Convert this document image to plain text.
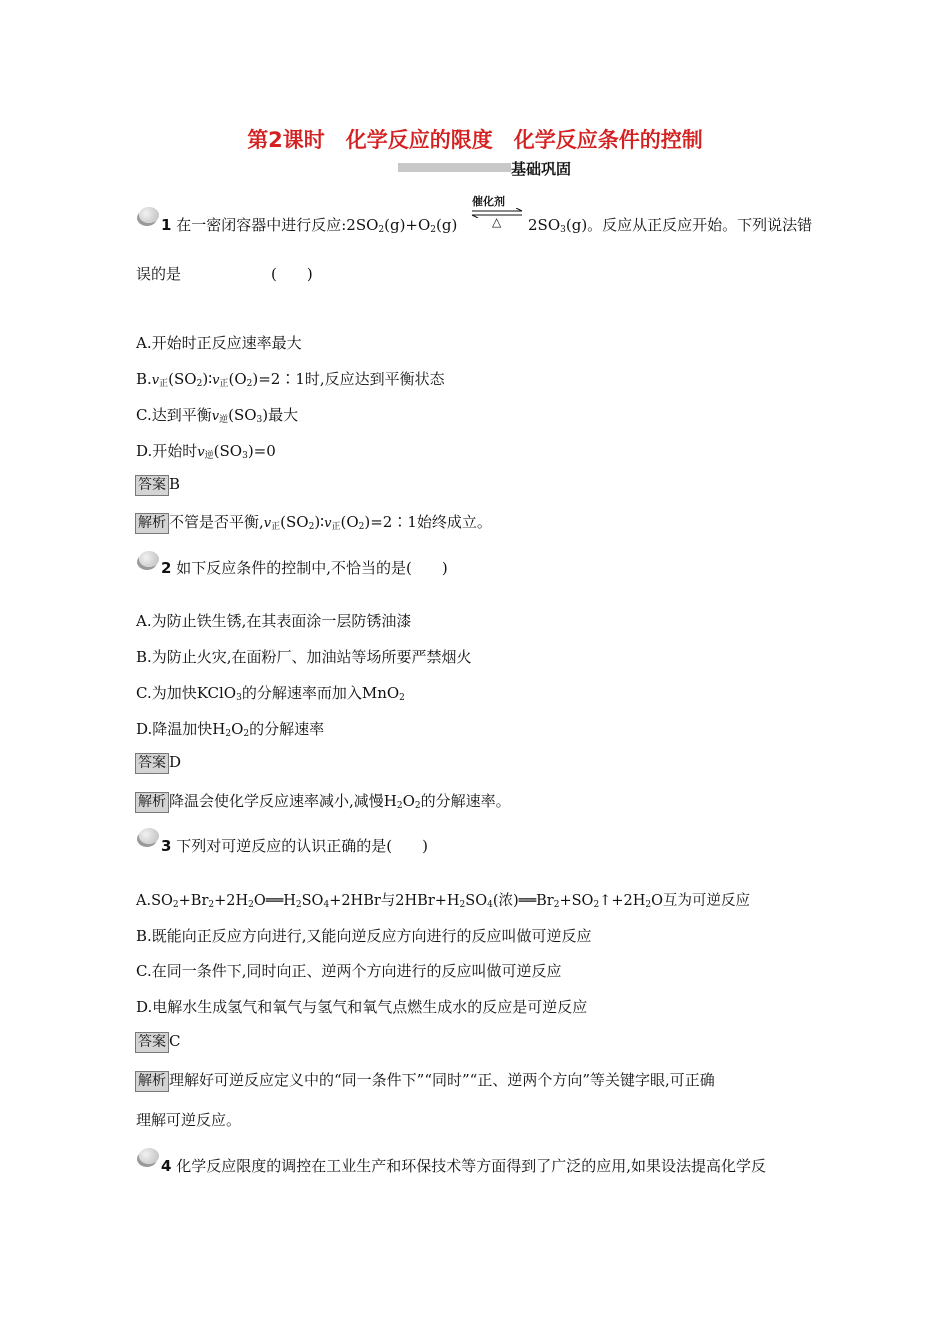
第2课时　化学反应的限度　化学反应条件的控制
基础巩固
1 在一密闭容器中进行反应$:2SO_2(g)+O_2(g)$
催化剂
△ $2SO_3(g)$。反应从正反应开始。下列说法错
误的是　　　　　　(　　)
A.开始时正反应速率最大
$B.v_正(SO_2)∶v_正(O_2)=2∶1$时,反应达到平衡状态
C.达到平衡$v_逆(SO_3)$最大
D.开始时$v_逆(SO_3)=0$
答案 B
解析 不管是否平衡$,v_正(SO_2)∶v_正(O_2)=2∶1$始终成立。
2 如下反应条件的控制中,不恰当的是(　　)
A.为防止铁生锈,在其表面涂一层防锈油漆
B.为防止火灾,在面粉厂、加油站等场所要严禁烟火
C.为加快KClO$_3$的分解速率而加入MnO$_2$
D.降温加快$H_2O_2$的分解速率
答案 D
解析 降温会使化学反应速率减小,减慢$H_2O_2$的分解速率。
3 下列对可逆反应的认识正确的是(　　)
$A.SO_2+Br_2+2H_2O══H_2SO_4+2HBr$与$2HBr+H_2SO_4$(浓)$══Br_2+SO_2↑+2H_2O$互为可逆反应
B.既能向正反应方向进行,又能向逆反应方向进行的反应叫做可逆反应
C.在同一条件下,同时向正、逆两个方向进行的反应叫做可逆反应
D.电解水生成氢气和氧气与氢气和氧气点燃生成水的反应是可逆反应
答案 C
解析 理解好可逆反应定义中的“同一条件下”“同时”“正、逆两个方向”等关键字眼,可正确
理解可逆反应。
4 化学反应限度的调控在工业生产和环保技术等方面得到了广泛的应用,如果设法提高化学反
